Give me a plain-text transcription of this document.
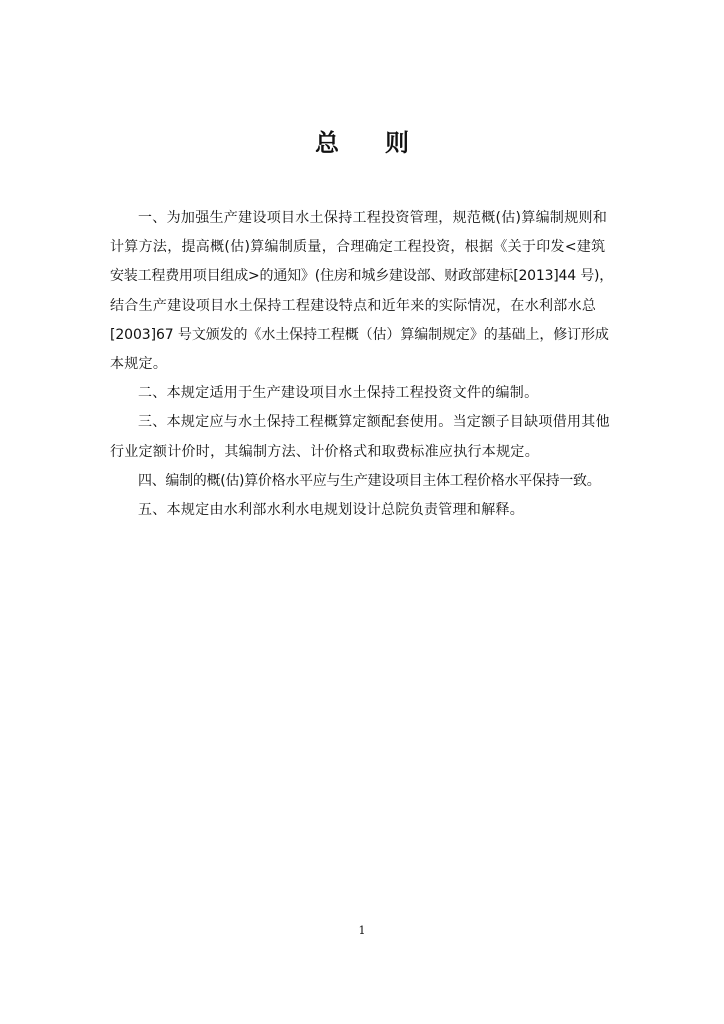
总 则

一、为加强生产建设项目水土保持工程投资管理，规范概(估)算编制规则和
计算方法，提高概(估)算编制质量，合理确定工程投资，根据《关于印发<建筑
安装工程费用项目组成>的通知》(住房和城乡建设部、财政部建标[2013]44 号)，
结合生产建设项目水土保持工程建设特点和近年来的实际情况，在水利部水总
[2003]67 号文颁发的《水土保持工程概（估）算编制规定》的基础上，修订形成
本规定。

二、本规定适用于生产建设项目水土保持工程投资文件的编制。

三、本规定应与水土保持工程概算定额配套使用。当定额子目缺项借用其他
行业定额计价时，其编制方法、计价格式和取费标准应执行本规定。

四、编制的概(估)算价格水平应与生产建设项目主体工程价格水平保持一致。

五、本规定由水利部水利水电规划设计总院负责管理和解释。

1
